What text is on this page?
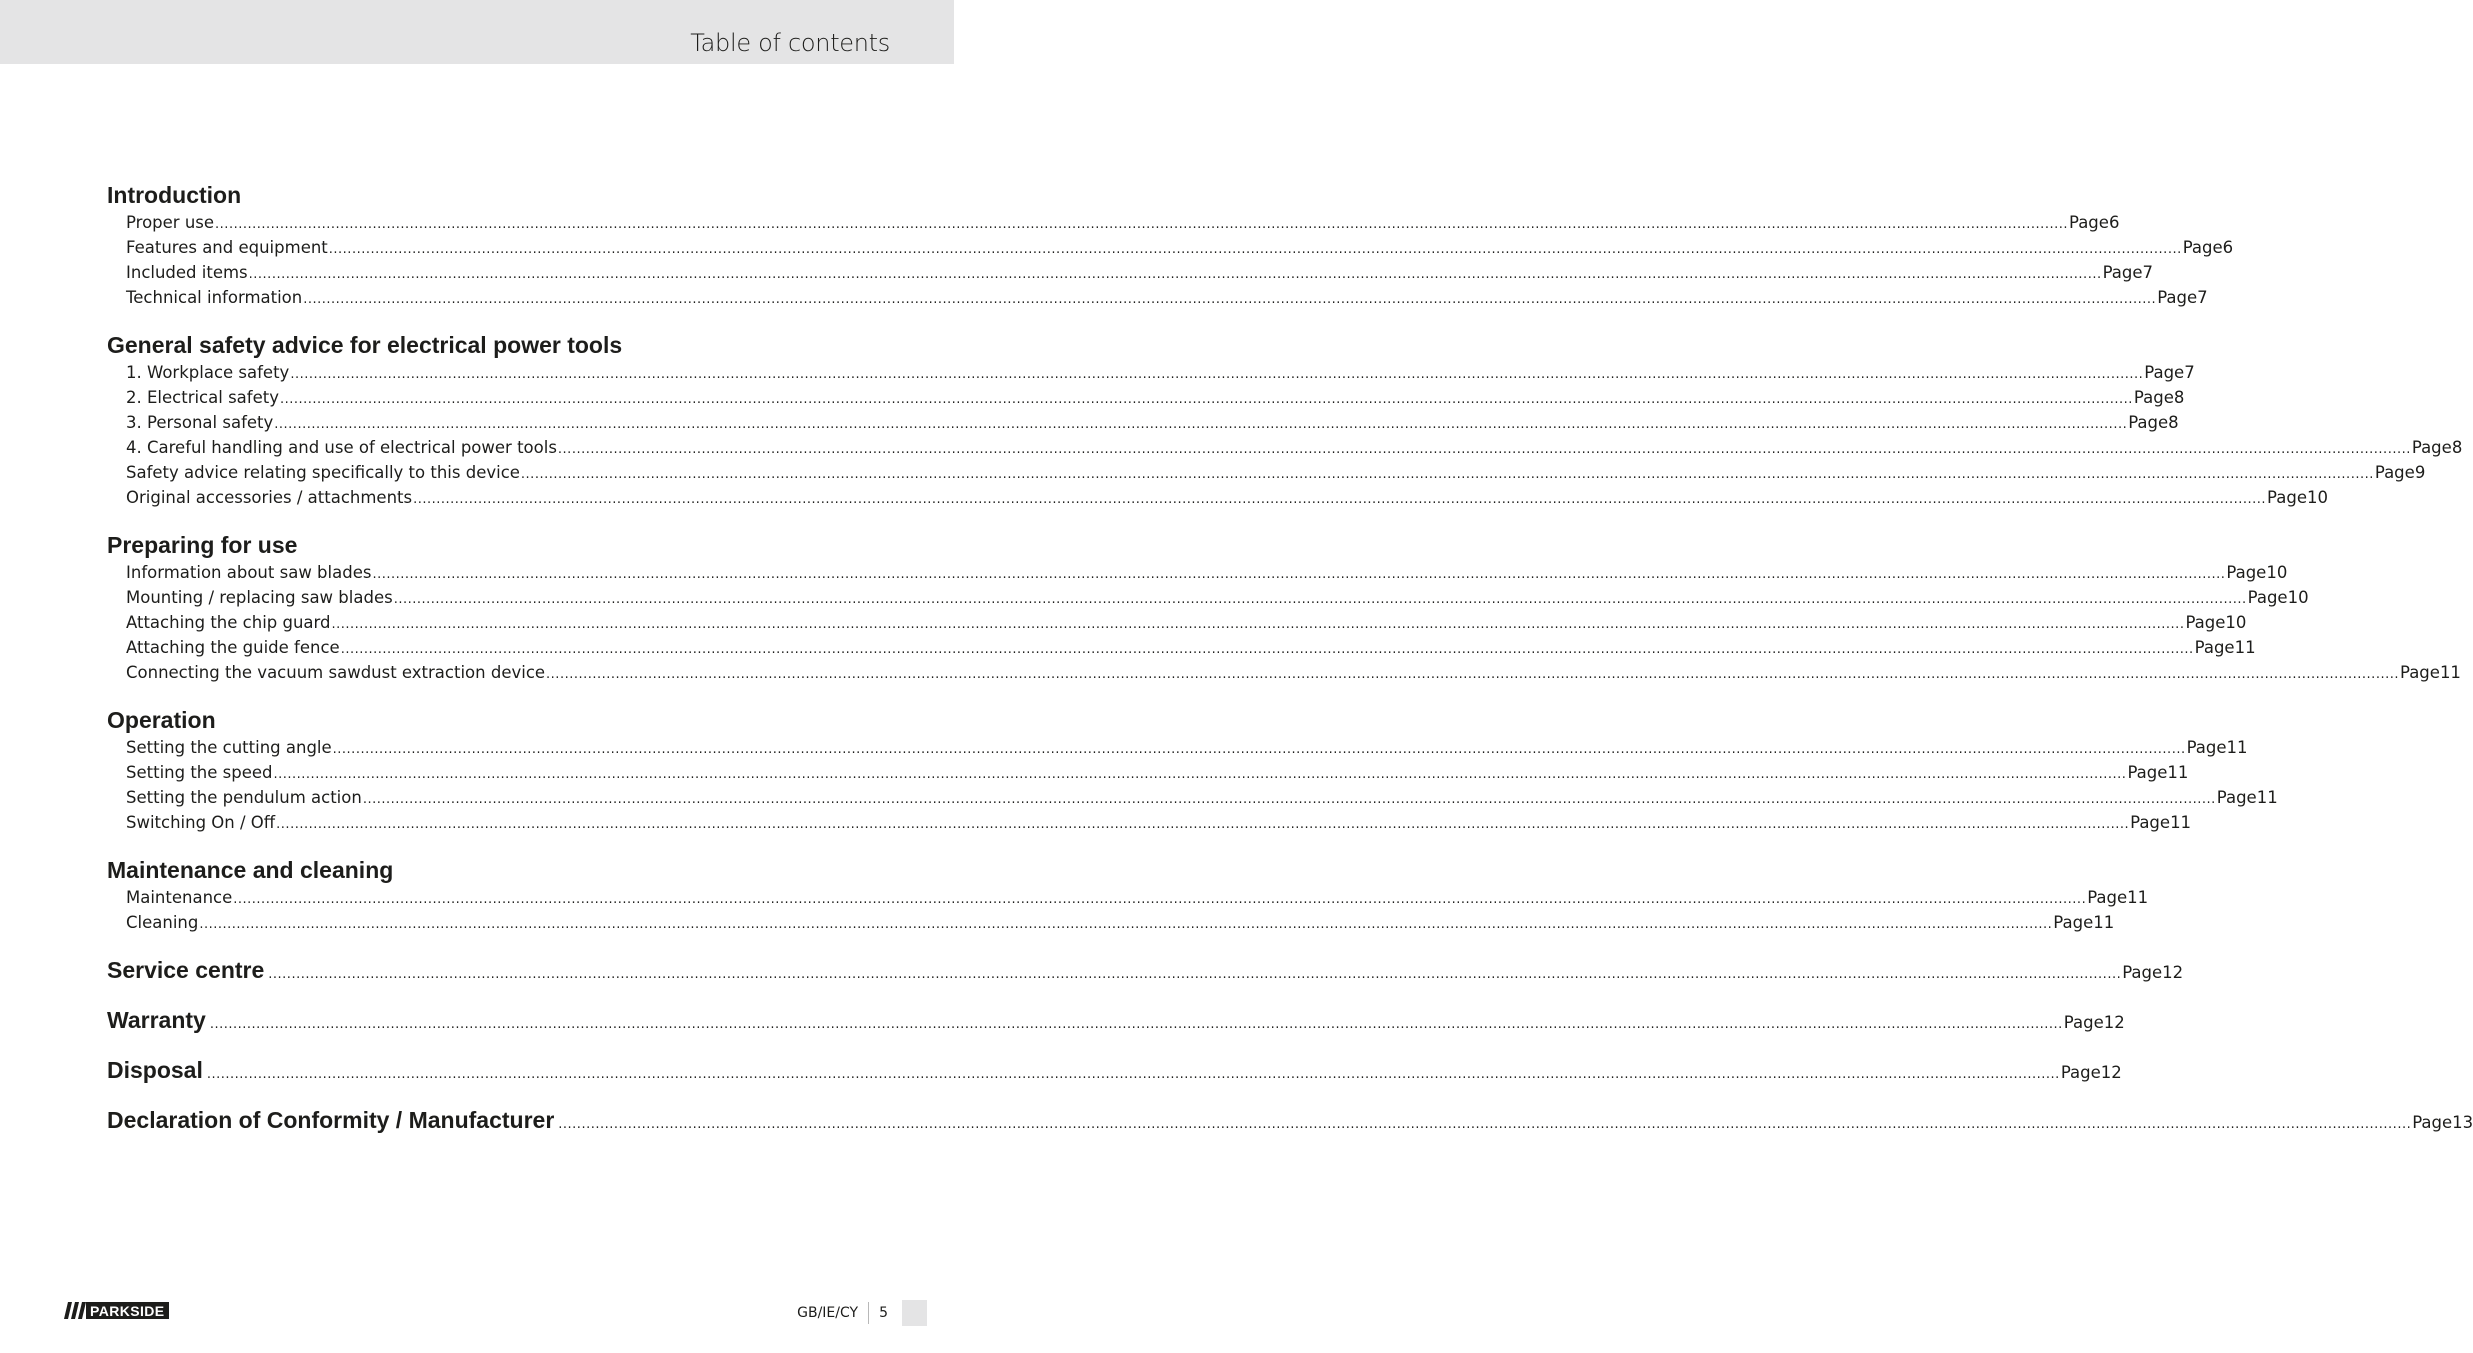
Table of contents
Introduction
Proper use ................................................................................................................................................................................................................................................................................................................................................................................................................ Page 6
Features and equipment ................................................................................................................................................................................................................................................................................................................................................................................................................ Page 6
Included items ................................................................................................................................................................................................................................................................................................................................................................................................................ Page 7
Technical information ................................................................................................................................................................................................................................................................................................................................................................................................................ Page 7
General safety advice for electrical power tools
1. Workplace safety ................................................................................................................................................................................................................................................................................................................................................................................................................ Page 7
2. Electrical safety ................................................................................................................................................................................................................................................................................................................................................................................................................ Page 8
3. Personal safety ................................................................................................................................................................................................................................................................................................................................................................................................................ Page 8
4. Careful handling and use of electrical power tools ................................................................................................................................................................................................................................................................................................................................................................................................................ Page 8
Safety advice relating specifically to this device ................................................................................................................................................................................................................................................................................................................................................................................................................ Page 9
Original accessories / attachments ................................................................................................................................................................................................................................................................................................................................................................................................................ Page 10
Preparing for use
Information about saw blades ................................................................................................................................................................................................................................................................................................................................................................................................................ Page 10
Mounting / replacing saw blades ................................................................................................................................................................................................................................................................................................................................................................................................................ Page 10
Attaching the chip guard ................................................................................................................................................................................................................................................................................................................................................................................................................ Page 10
Attaching the guide fence ................................................................................................................................................................................................................................................................................................................................................................................................................ Page 11
Connecting the vacuum sawdust extraction device ................................................................................................................................................................................................................................................................................................................................................................................................................ Page 11
Operation
Setting the cutting angle ................................................................................................................................................................................................................................................................................................................................................................................................................ Page 11
Setting the speed ................................................................................................................................................................................................................................................................................................................................................................................................................ Page 11
Setting the pendulum action ................................................................................................................................................................................................................................................................................................................................................................................................................ Page 11
Switching On / Off ................................................................................................................................................................................................................................................................................................................................................................................................................ Page 11
Maintenance and cleaning
Maintenance ................................................................................................................................................................................................................................................................................................................................................................................................................ Page 11
Cleaning ................................................................................................................................................................................................................................................................................................................................................................................................................ Page 11
Service centre ................................................................................................................................................................................................................................................................................................................................................................................................................ Page 12
Warranty ................................................................................................................................................................................................................................................................................................................................................................................................................ Page 12
Disposal ................................................................................................................................................................................................................................................................................................................................................................................................................ Page 12
Declaration of Conformity / Manufacturer ................................................................................................................................................................................................................................................................................................................................................................................................................ Page 13
PARKSIDE	GB/IE/CY 5
